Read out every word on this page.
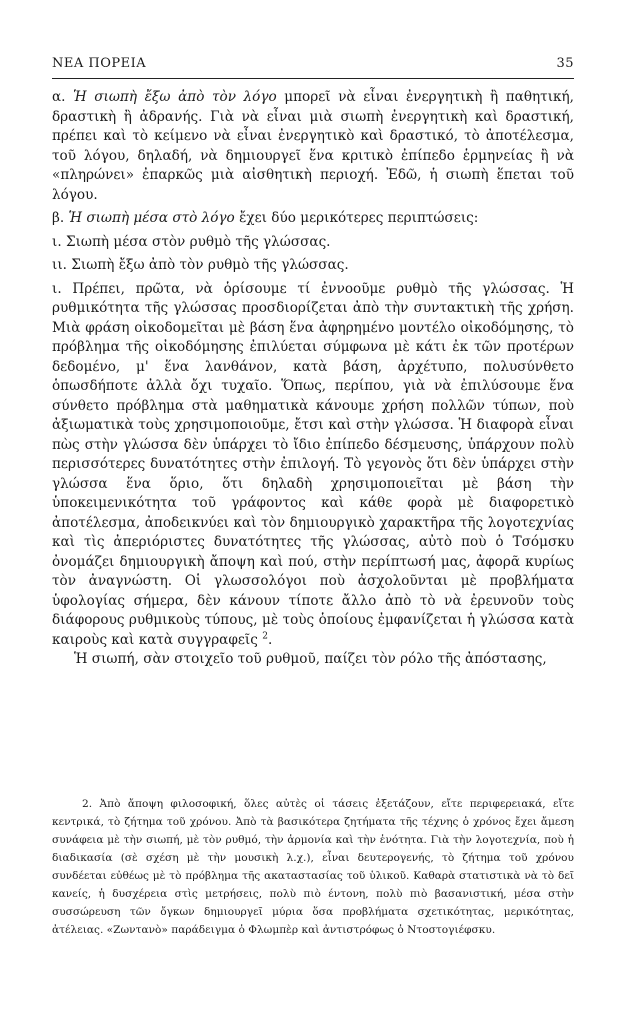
ΝΕΑ ΠΟΡΕΙΑ	35

α. Ἡ σιωπὴ ἔξω ἀπὸ τὸν λόγο μπορεῖ νὰ εἶναι ἐνεργητικὴ ἢ παθητική, δραστικὴ ἢ ἀδρανής. Γιὰ νὰ εἶναι μιὰ σιωπὴ ἐνεργητικὴ καὶ δραστική, πρέπει καὶ τὸ κείμενο νὰ εἶναι ἐνεργητικὸ καὶ δραστικό, τὸ ἀποτέλεσμα, τοῦ λόγου, δηλαδή, νὰ δημιουργεῖ ἕνα κριτικὸ ἐπίπεδο ἑρμηνείας ἢ νὰ «πληρώνει» ἐπαρκῶς μιὰ αἰσθητικὴ περιοχή. Ἐδῶ, ἡ σιωπὴ ἕπεται τοῦ λόγου.

β. Ἡ σιωπὴ μέσα στὸ λόγο ἔχει δύο μερικότερες περιπτώσεις:

ι. Σιωπὴ μέσα στὸν ρυθμὸ τῆς γλώσσας.

ιι. Σιωπὴ ἔξω ἀπὸ τὸν ρυθμὸ τῆς γλώσσας.

ι. Πρέπει, πρῶτα, νὰ ὁρίσουμε τί ἐννοοῦμε ρυθμὸ τῆς γλώσσας. Ἡ ρυθμικότητα τῆς γλώσσας προσδιορίζεται ἀπὸ τὴν συντακτικὴ τῆς χρήση. Μιὰ φράση οἰκοδομεῖται μὲ βάση ἕνα ἀφηρημένο μοντέλο οἰκοδόμησης, τὸ πρόβλημα τῆς οἰκοδόμησης ἐπιλύεται σύμφωνα μὲ κάτι ἐκ τῶν προτέρων δεδομένο, μ' ἕνα λανθάνον, κατὰ βάση, ἀρχέτυπο, πολυσύνθετο ὁπωσδήποτε ἀλλὰ ὄχι τυχαῖο. Ὅπως, περίπου, γιὰ νὰ ἐπιλύσουμε ἕνα σύνθετο πρόβλημα στὰ μαθηματικὰ κάνουμε χρήση πολλῶν τύπων, ποὺ ἀξιωματικὰ τοὺς χρησιμοποιοῦμε, ἔτσι καὶ στὴν γλώσσα. Ἡ διαφορὰ εἶναι πὼς στὴν γλώσσα δὲν ὑπάρχει τὸ ἴδιο ἐπίπεδο δέσμευσης, ὑπάρχουν πολὺ περισσότερες δυνατότητες στὴν ἐπιλογή. Τὸ γεγονὸς ὅτι δὲν ὑπάρχει στὴν γλώσσα ἕνα ὅριο, ὅτι δηλαδὴ χρησιμοποιεῖται μὲ βάση τὴν ὑποκειμενικότητα τοῦ γράφοντος καὶ κάθε φορὰ μὲ διαφορετικὸ ἀποτέλεσμα, ἀποδεικνύει καὶ τὸν δημιουργικὸ χαρακτῆρα τῆς λογοτεχνίας καὶ τὶς ἀπεριόριστες δυνατότητες τῆς γλώσσας, αὐτὸ ποὺ ὁ Τσόμσκυ ὀνομάζει δημιουργικὴ ἄποψη καὶ πού, στὴν περίπτωσή μας, ἀφορᾶ κυρίως τὸν ἀναγνώστη. Οἱ γλωσσολόγοι ποὺ ἀσχολοῦνται μὲ προβλήματα ὑφολογίας σήμερα, δὲν κάνουν τίποτε ἄλλο ἀπὸ τὸ νὰ ἐρευνοῦν τοὺς διάφορους ρυθμικοὺς τύπους, μὲ τοὺς ὁποίους ἐμφανίζεται ἡ γλώσσα κατὰ καιροὺς καὶ κατὰ συγγραφεῖς $^2$.

Ἡ σιωπή, σὰν στοιχεῖο τοῦ ρυθμοῦ, παίζει τὸν ρόλο τῆς ἀπόστασης,

2. Ἀπὸ ἄποψη φιλοσοφική, ὅλες αὐτὲς οἱ τάσεις ἐξετάζουν, εἴτε περιφερειακά, εἴτε κεντρικά, τὸ ζήτημα τοῦ χρόνου. Ἀπὸ τὰ βασικότερα ζητήματα τῆς τέχνης ὁ χρόνος ἔχει ἄμεση συνάφεια μὲ τὴν σιωπή, μὲ τὸν ρυθμό, τὴν ἁρμονία καὶ τὴν ἑνότητα. Γιὰ τὴν λογοτεχνία, ποὺ ἡ διαδικασία (σὲ σχέση μὲ τὴν μουσικὴ λ.χ.), εἶναι δευτερογενής, τὸ ζήτημα τοῦ χρόνου συνδέεται εὐθέως μὲ τὸ πρόβλημα τῆς ακαταστασίας τοῦ ὑλικοῦ. Καθαρὰ στατιστικὰ νὰ τὸ δεῖ κανείς, ἡ δυσχέρεια στὶς μετρήσεις, πολὺ πιὸ έντονη, πολὺ πιὸ βασανιστική, μέσα στὴν συσσώρευση τῶν ὄγκων δημιουργεῖ μύρια ὅσα προβλήματα σχετικότητας, μερικότητας, ἀτέλειας. «Ζωντανὸ» παράδειγμα ὁ Φλωμπὲρ καὶ ἀντιστρόφως ὁ Ντοστογιέφσκυ.
